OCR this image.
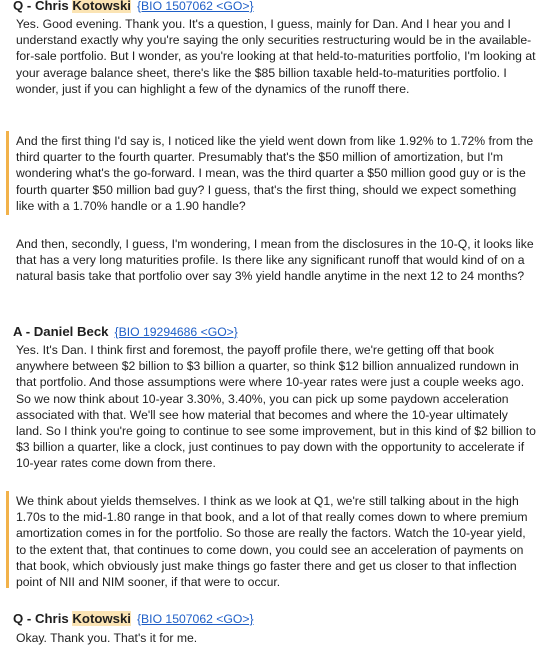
Q - Chris Kotowski {BIO 1507062 <GO>}
Yes. Good evening. Thank you. It's a question, I guess, mainly for Dan. And I hear you and I understand exactly why you're saying the only securities restructuring would be in the available-for-sale portfolio. But I wonder, as you're looking at that held-to-maturities portfolio, I'm looking at your average balance sheet, there's like the $85 billion taxable held-to-maturities portfolio. I wonder, just if you can highlight a few of the dynamics of the runoff there.
And the first thing I'd say is, I noticed like the yield went down from like 1.92% to 1.72% from the third quarter to the fourth quarter. Presumably that's the $50 million of amortization, but I'm wondering what's the go-forward. I mean, was the third quarter a $50 million good guy or is the fourth quarter $50 million bad guy? I guess, that's the first thing, should we expect something like with a 1.70% handle or a 1.90 handle?
And then, secondly, I guess, I'm wondering, I mean from the disclosures in the 10-Q, it looks like that has a very long maturities profile. Is there like any significant runoff that would kind of on a natural basis take that portfolio over say 3% yield handle anytime in the next 12 to 24 months?
A - Daniel Beck {BIO 19294686 <GO>}
Yes. It's Dan. I think first and foremost, the payoff profile there, we're getting off that book anywhere between $2 billion to $3 billion a quarter, so think $12 billion annualized rundown in that portfolio. And those assumptions were where 10-year rates were just a couple weeks ago. So we now think about 10-year 3.30%, 3.40%, you can pick up some paydown acceleration associated with that. We'll see how material that becomes and where the 10-year ultimately land. So I think you're going to continue to see some improvement, but in this kind of $2 billion to $3 billion a quarter, like a clock, just continues to pay down with the opportunity to accelerate if 10-year rates come down from there.
We think about yields themselves. I think as we look at Q1, we're still talking about in the high 1.70s to the mid-1.80 range in that book, and a lot of that really comes down to where premium amortization comes in for the portfolio. So those are really the factors. Watch the 10-year yield, to the extent that, that continues to come down, you could see an acceleration of payments on that book, which obviously just make things go faster there and get us closer to that inflection point of NII and NIM sooner, if that were to occur.
Q - Chris Kotowski {BIO 1507062 <GO>}
Okay. Thank you. That's it for me.
